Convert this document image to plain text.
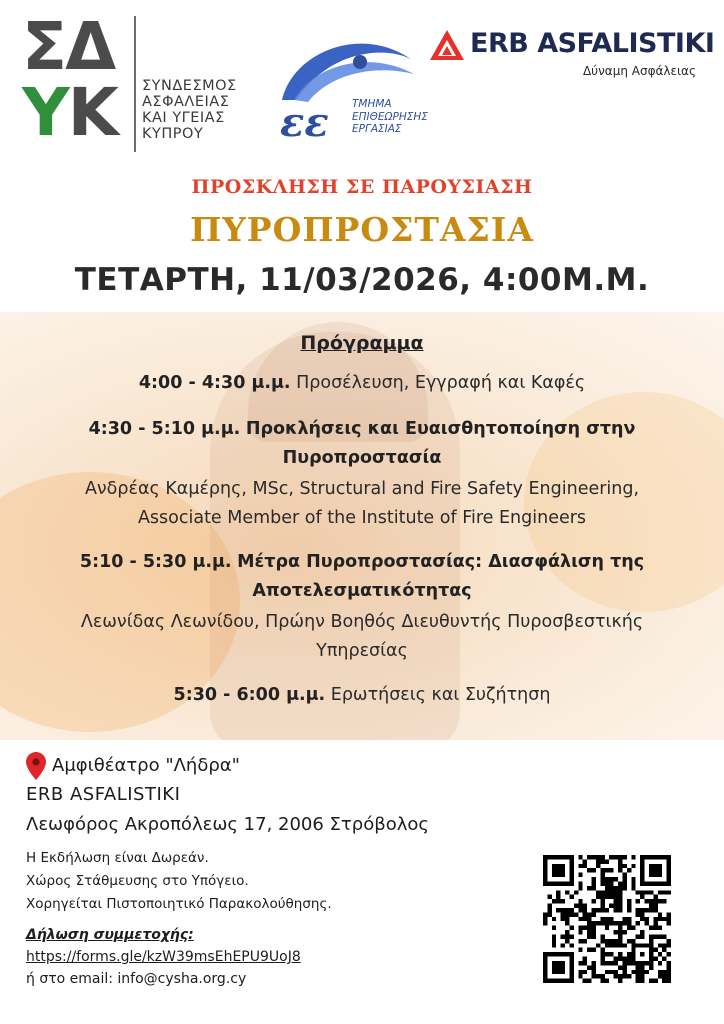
ΣΔ
ΥΚ ΣΥΝΔΕΣΜΟΣ
ΑΣΦΑΛΕΙΑΣ
ΚΑΙ ΥΓΕΙΑΣ
ΚΥΠΡΟΥ	εε ΤΜΗΜΑ
ΕΠΙΘΕΩΡΗΣΗΣ
ΕΡΓΑΣΙΑΣ
ERB ASFALISTIKI
Δύναμη Ασφάλειας
ΠΡΟΣΚΛΗΣΗ ΣΕ ΠΑΡΟΥΣΙΑΣΗ
ΠΥΡΟΠΡΟΣΤΑΣΙΑ
ΤΕΤΑΡΤΗ, 11/03/2026, 4:00Μ.Μ.
Πρόγραμμα
4:00 - 4:30 μ.μ. Προσέλευση, Εγγραφή και Καφές
4:30 - 5:10 μ.μ. Προκλήσεις και Ευαισθητοποίηση στην
Πυροπροστασία
Ανδρέας Καμέρης, MSc, Structural and Fire Safety Engineering,
Associate Member of the Institute of Fire Engineers
5:10 - 5:30 μ.μ. Μέτρα Πυροπροστασίας: Διασφάλιση της
Αποτελεσματικότητας
Λεωνίδας Λεωνίδου, Πρώην Βοηθός Διευθυντής Πυροσβεστικής
Υπηρεσίας
5:30 - 6:00 μ.μ. Ερωτήσεις και Συζήτηση
Αμφιθέατρο "Λήδρα"
ERB ASFALISTIKI
Λεωφόρος Ακροπόλεως 17, 2006 Στρόβολος
Η Εκδήλωση είναι Δωρεάν.
Χώρος Στάθμευσης στο Υπόγειο.
Χορηγείται Πιστοποιητικό Παρακολούθησης.
Δήλωση συμμετοχής:
https://forms.gle/kzW39msEhEPU9UoJ8
ή στο email: info@cysha.org.cy
